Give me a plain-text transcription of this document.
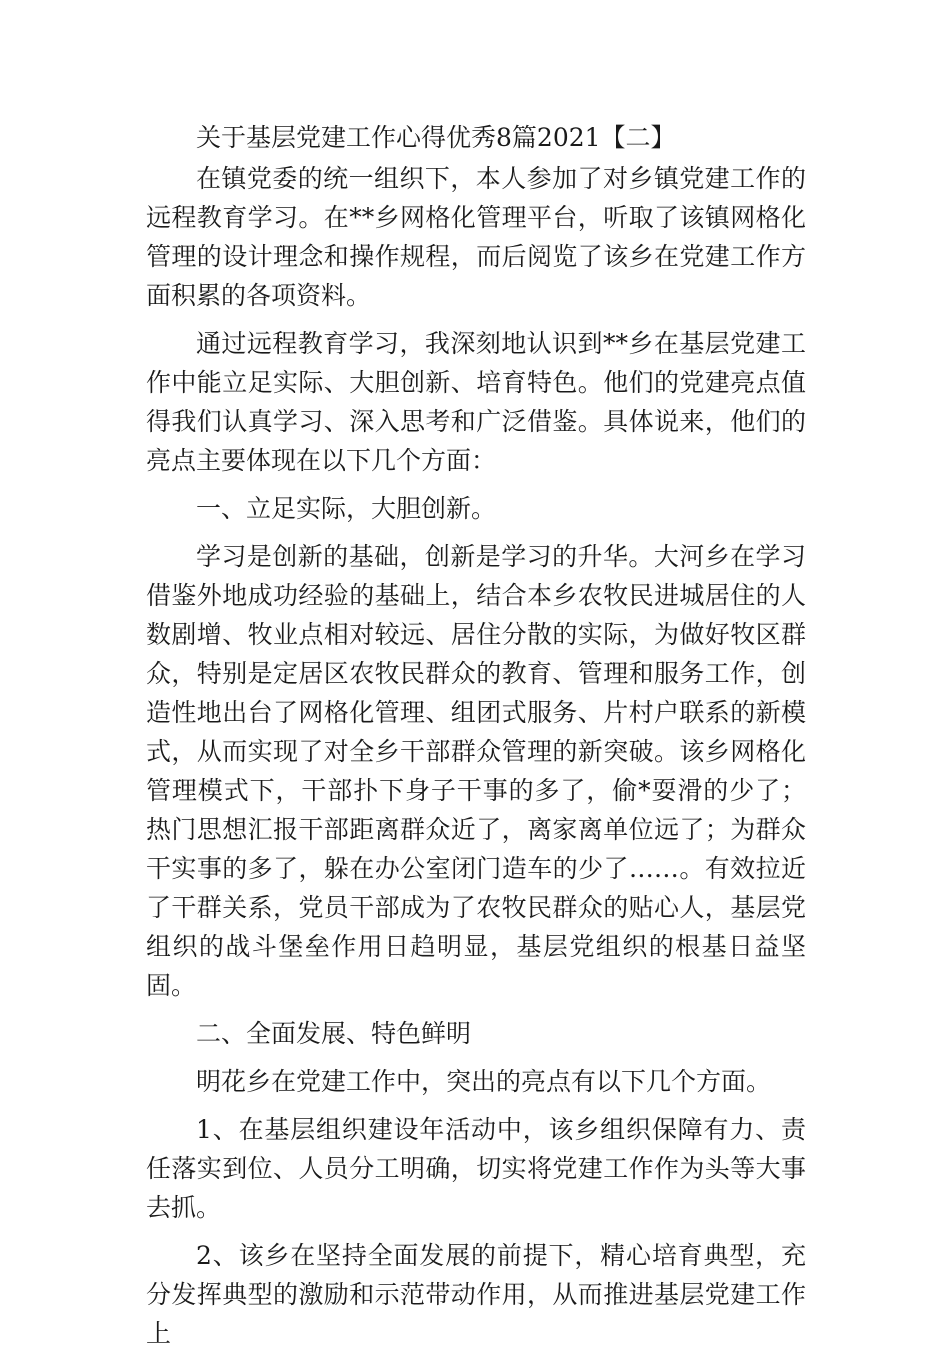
关于基层党建工作心得优秀8篇2021【二】

在镇党委的统一组织下，本人参加了对乡镇党建工作的远程教育学习。在**乡网格化管理平台，听取了该镇网格化管理的设计理念和操作规程，而后阅览了该乡在党建工作方面积累的各项资料。

通过远程教育学习，我深刻地认识到**乡在基层党建工作中能立足实际、大胆创新、培育特色。他们的党建亮点值得我们认真学习、深入思考和广泛借鉴。具体说来，他们的亮点主要体现在以下几个方面：

一、立足实际，大胆创新。

学习是创新的基础，创新是学习的升华。大河乡在学习借鉴外地成功经验的基础上，结合本乡农牧民进城居住的人数剧增、牧业点相对较远、居住分散的实际，为做好牧区群众，特别是定居区农牧民群众的教育、管理和服务工作，创造性地出台了网格化管理、组团式服务、片村户联系的新模式，从而实现了对全乡干部群众管理的新突破。该乡网格化管理模式下，干部扑下身子干事的多了，偷*耍滑的少了；热门思想汇报干部距离群众近了，离家离单位远了；为群众干实事的多了，躲在办公室闭门造车的少了……。有效拉近了干群关系，党员干部成为了农牧民群众的贴心人，基层党组织的战斗堡垒作用日趋明显，基层党组织的根基日益坚固。

二、全面发展、特色鲜明

明花乡在党建工作中，突出的亮点有以下几个方面。

1、在基层组织建设年活动中，该乡组织保障有力、责任落实到位、人员分工明确，切实将党建工作作为头等大事去抓。

2、该乡在坚持全面发展的前提下，精心培育典型，充分发挥典型的激励和示范带动作用，从而推进基层党建工作上
